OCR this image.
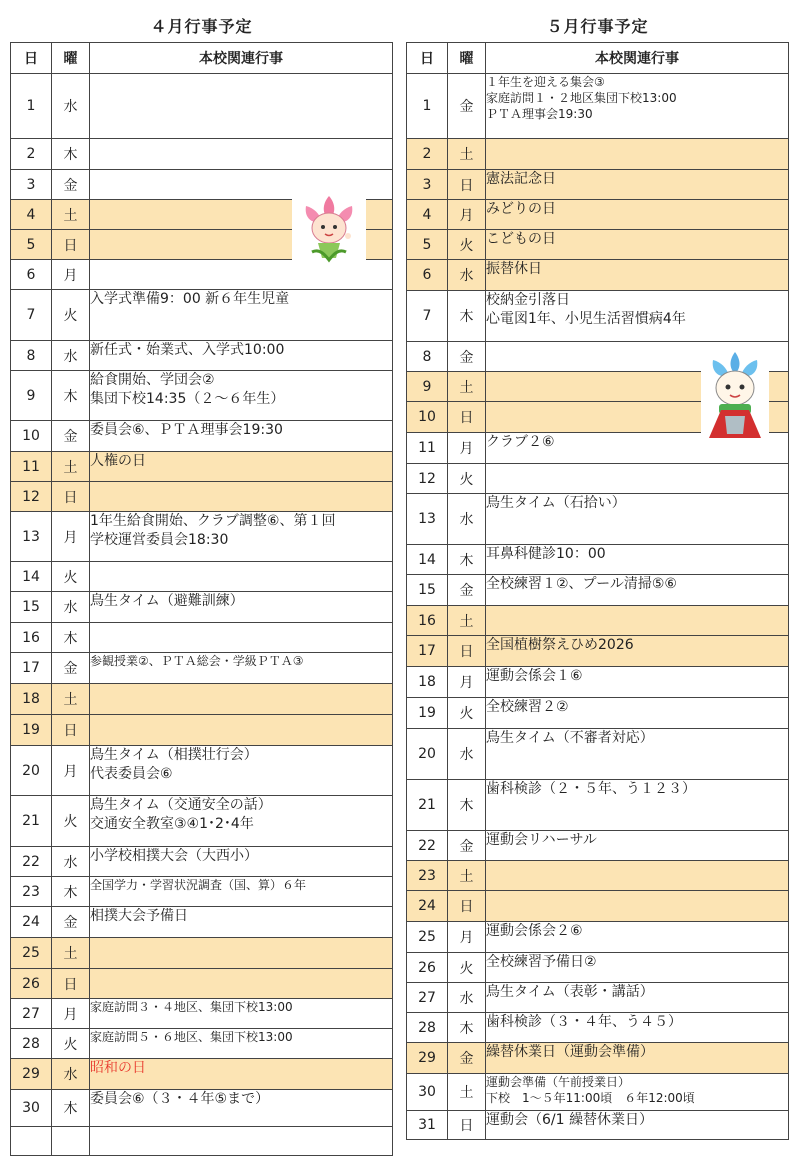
４月行事予定	５月行事予定
日	曜	本校関連行事
1	水	
2	木	
3	金	
4	土	
5	日	
6	月	
7	火	入学式準備9：00 新６年生児童

8	水	新任式・始業式、入学式10:00

9	木	給食開始、学団会②
集団下校14:35（２～６年生）

10	金	委員会⑥、ＰＴＡ理事会19:30

11	土	人権の日

12	日	
13	月	1年生給食開始、クラブ調整⑥、第１回
学校運営委員会18:30

14	火	
15	水	鳥生タイム（避難訓練）

16	木	
17	金	参観授業②、ＰＴＡ総会・学級ＰＴＡ③

18	土	
19	日	
20	月	鳥生タイム（相撲壮行会）
代表委員会⑥

21	火	鳥生タイム（交通安全の話）
交通安全教室③④1･2･4年

22	水	小学校相撲大会（大西小）

23	木	全国学力・学習状況調査（国、算）６年

24	金	相撲大会予備日

25	土	
26	日	
27	月	家庭訪問３・４地区、集団下校13:00

28	火	家庭訪問５・６地区、集団下校13:00

29	水	昭和の日

30	木	委員会⑥（３・４年⑤まで）

日	曜	本校関連行事
1	金	１年生を迎える集会③
家庭訪問１・２地区集団下校13:00
ＰＴＡ理事会19:30

2	土	
3	日	憲法記念日

4	月	みどりの日

5	火	こどもの日

6	水	振替休日

7	木	校納金引落日
心電図1年、小児生活習慣病4年

8	金	
9	土	
10	日	
11	月	クラブ２⑥

12	火	
13	水	鳥生タイム（石拾い）

14	木	耳鼻科健診10：00

15	金	全校練習１②、プール清掃⑤⑥

16	土	
17	日	全国植樹祭えひめ2026

18	月	運動会係会１⑥

19	火	全校練習２②

20	水	鳥生タイム（不審者対応）

21	木	歯科検診（２・５年、う１２３）

22	金	運動会リハーサル

23	土	
24	日	
25	月	運動会係会２⑥

26	火	全校練習予備日②

27	水	鳥生タイム（表彰・講話）

28	木	歯科検診（３・４年、う４５）

29	金	繰替休業日（運動会準備）

30	土	運動会準備（午前授業日）
下校　1～５年11:00頃　６年12:00頃

31	日	運動会（6/1 繰替休業日）
